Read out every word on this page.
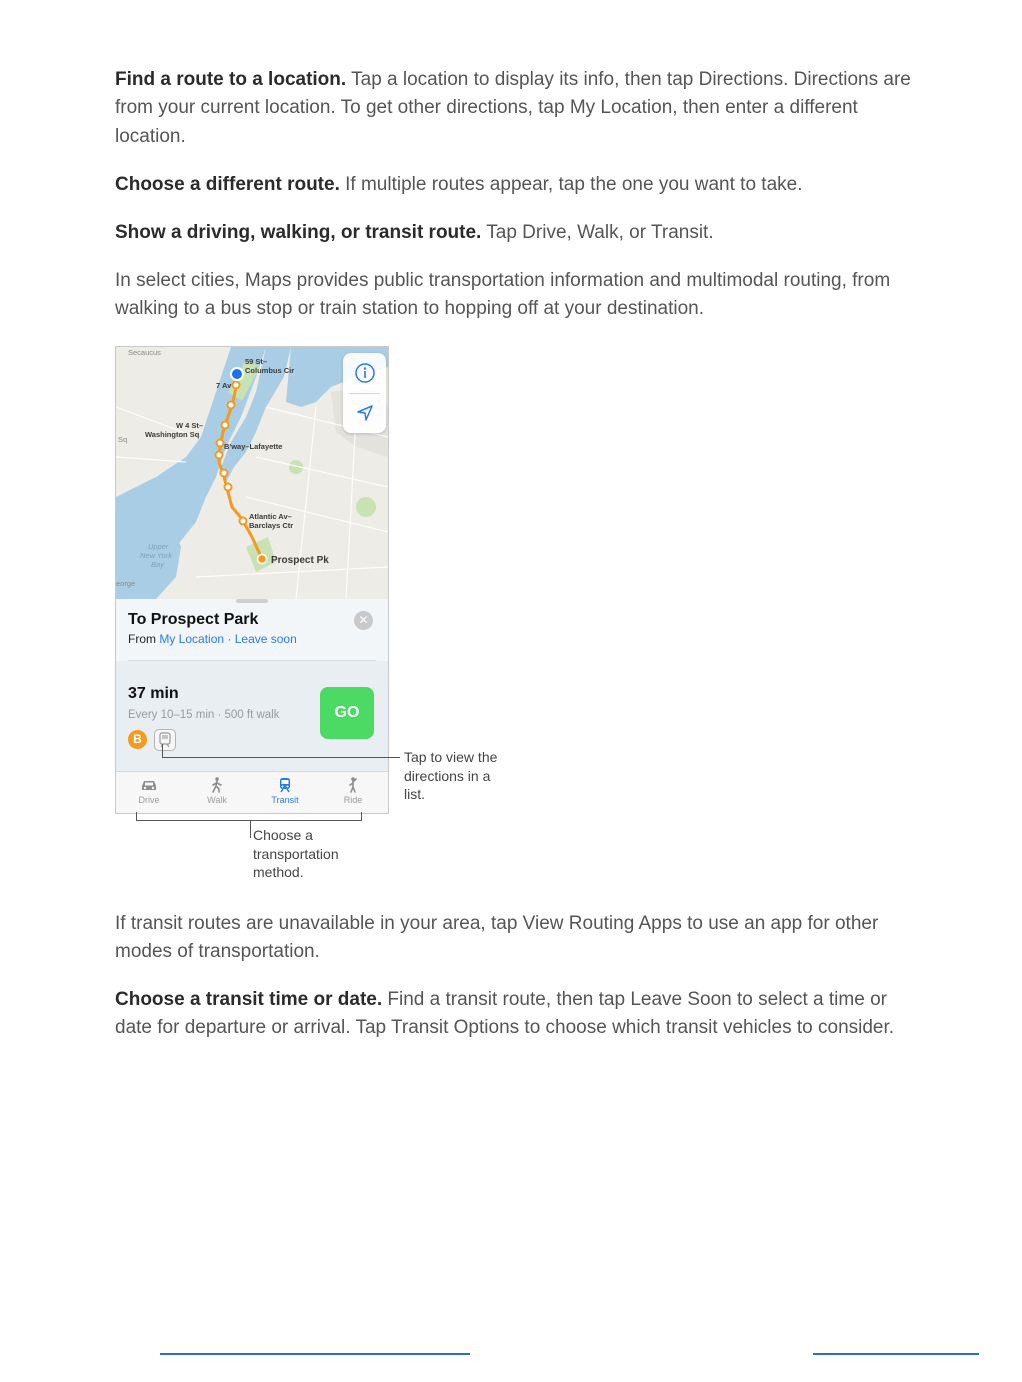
Find a route to a location. Tap a location to display its info, then tap Directions. Directions are from your current location. To get other directions, tap My Location, then enter a different location.

Choose a different route. If multiple routes appear, tap the one you want to take.

Show a driving, walking, or transit route. Tap Drive, Walk, or Transit.

In select cities, Maps provides public transportation information and multimodal routing, from walking to a bus stop or train station to hopping off at your destination.

Secaucus
59 St– Columbus Cir
7 Av
W 4 St– Washington Sq
Sq
B'way–Lafayette
Atlantic Av– Barclays Ctr
Prospect Pk
Upper New York Bay
eorge
To Prospect Park
From My Location · Leave soon
✕
37 min
Every 10–15 min · 500 ft walk
B
GO
Drive	Walk	Transit	Ride

Tap to view the directions in a list.

Choose a transportation method.

If transit routes are unavailable in your area, tap View Routing Apps to use an app for other modes of transportation.

Choose a transit time or date. Find a transit route, then tap Leave Soon to select a time or date for departure or arrival. Tap Transit Options to choose which transit vehicles to consider.
